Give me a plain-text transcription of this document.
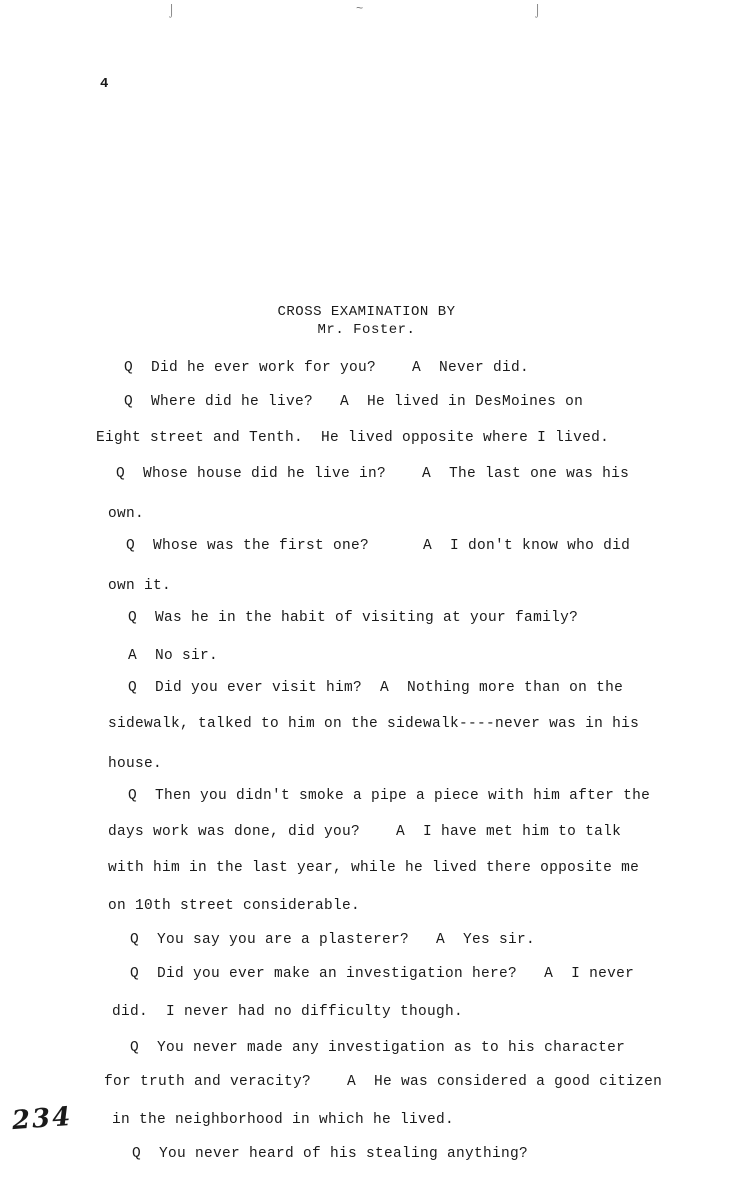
⌡	~	⌡
4
CROSS EXAMINATION BY
Mr. Foster.
Q  Did he ever work for you?    A  Never did.
Q  Where did he live?   A  He lived in DesMoines on
Eight street and Tenth.  He lived opposite where I lived.
Q  Whose house did he live in?    A  The last one was his
own.
Q  Whose was the first one?      A  I don't know who did
own it.
Q  Was he in the habit of visiting at your family?
A  No sir.
Q  Did you ever visit him?  A  Nothing more than on the
sidewalk, talked to him on the sidewalk----never was in his
house.
Q  Then you didn't smoke a pipe a piece with him after the
days work was done, did you?    A  I have met him to talk
with him in the last year, while he lived there opposite me
on 10th street considerable.
Q  You say you are a plasterer?   A  Yes sir.
Q  Did you ever make an investigation here?   A  I never
did.  I never had no difficulty though.
Q  You never made any investigation as to his character
for truth and veracity?    A  He was considered a good citizen
in the neighborhood in which he lived.
Q  You never heard of his stealing anything?
234
